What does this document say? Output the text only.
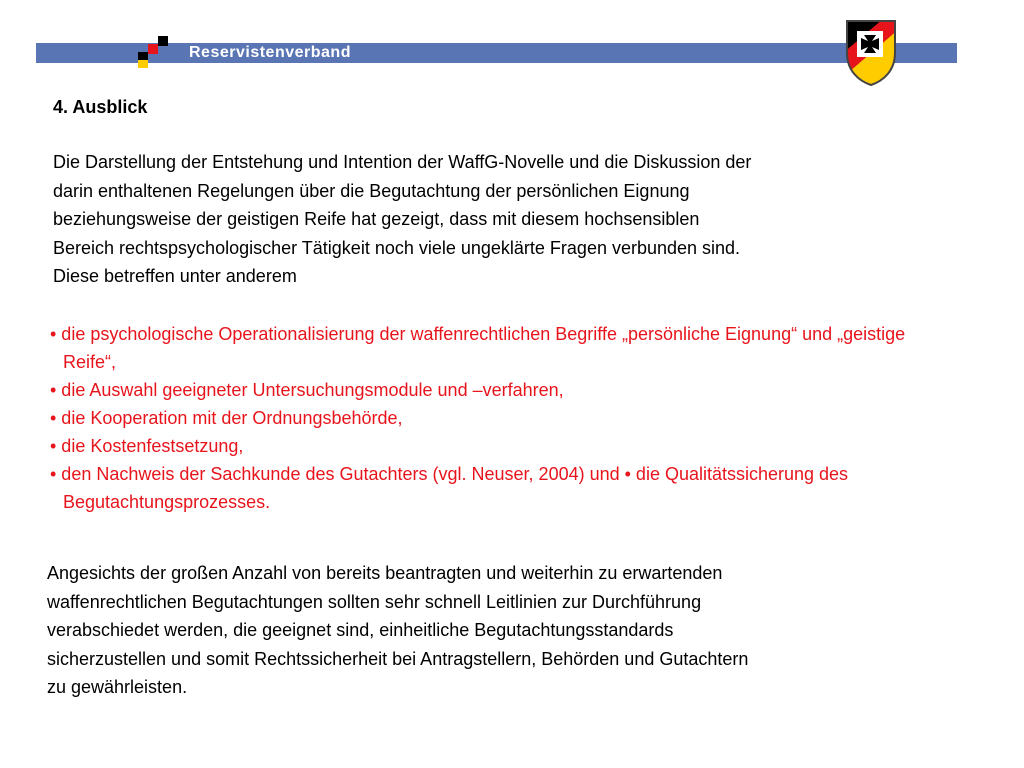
Reservistenverband
4. Ausblick

Die Darstellung der Entstehung und Intention der WaffG-Novelle und die Diskussion der
darin enthaltenen Regelungen über die Begutachtung der persönlichen Eignung
beziehungsweise der geistigen Reife hat gezeigt, dass mit diesem hochsensiblen
Bereich rechtspsychologischer Tätigkeit noch viele ungeklärte Fragen verbunden sind.
Diese betreffen unter anderem

• die psychologische Operationalisierung der waffenrechtlichen Begriffe „persönliche Eignung“ und „geistige Reife“,
• die Auswahl geeigneter Untersuchungsmodule und –verfahren,
• die Kooperation mit der Ordnungsbehörde,
• die Kostenfestsetzung,
• den Nachweis der Sachkunde des Gutachters (vgl. Neuser, 2004) und • die Qualitätssicherung des Begutachtungsprozesses.

Angesichts der großen Anzahl von bereits beantragten und weiterhin zu erwartenden
waffenrechtlichen Begutachtungen sollten sehr schnell Leitlinien zur Durchführung
verabschiedet werden, die geeignet sind, einheitliche Begutachtungsstandards
sicherzustellen und somit Rechtssicherheit bei Antragstellern, Behörden und Gutachtern
zu gewährleisten.
